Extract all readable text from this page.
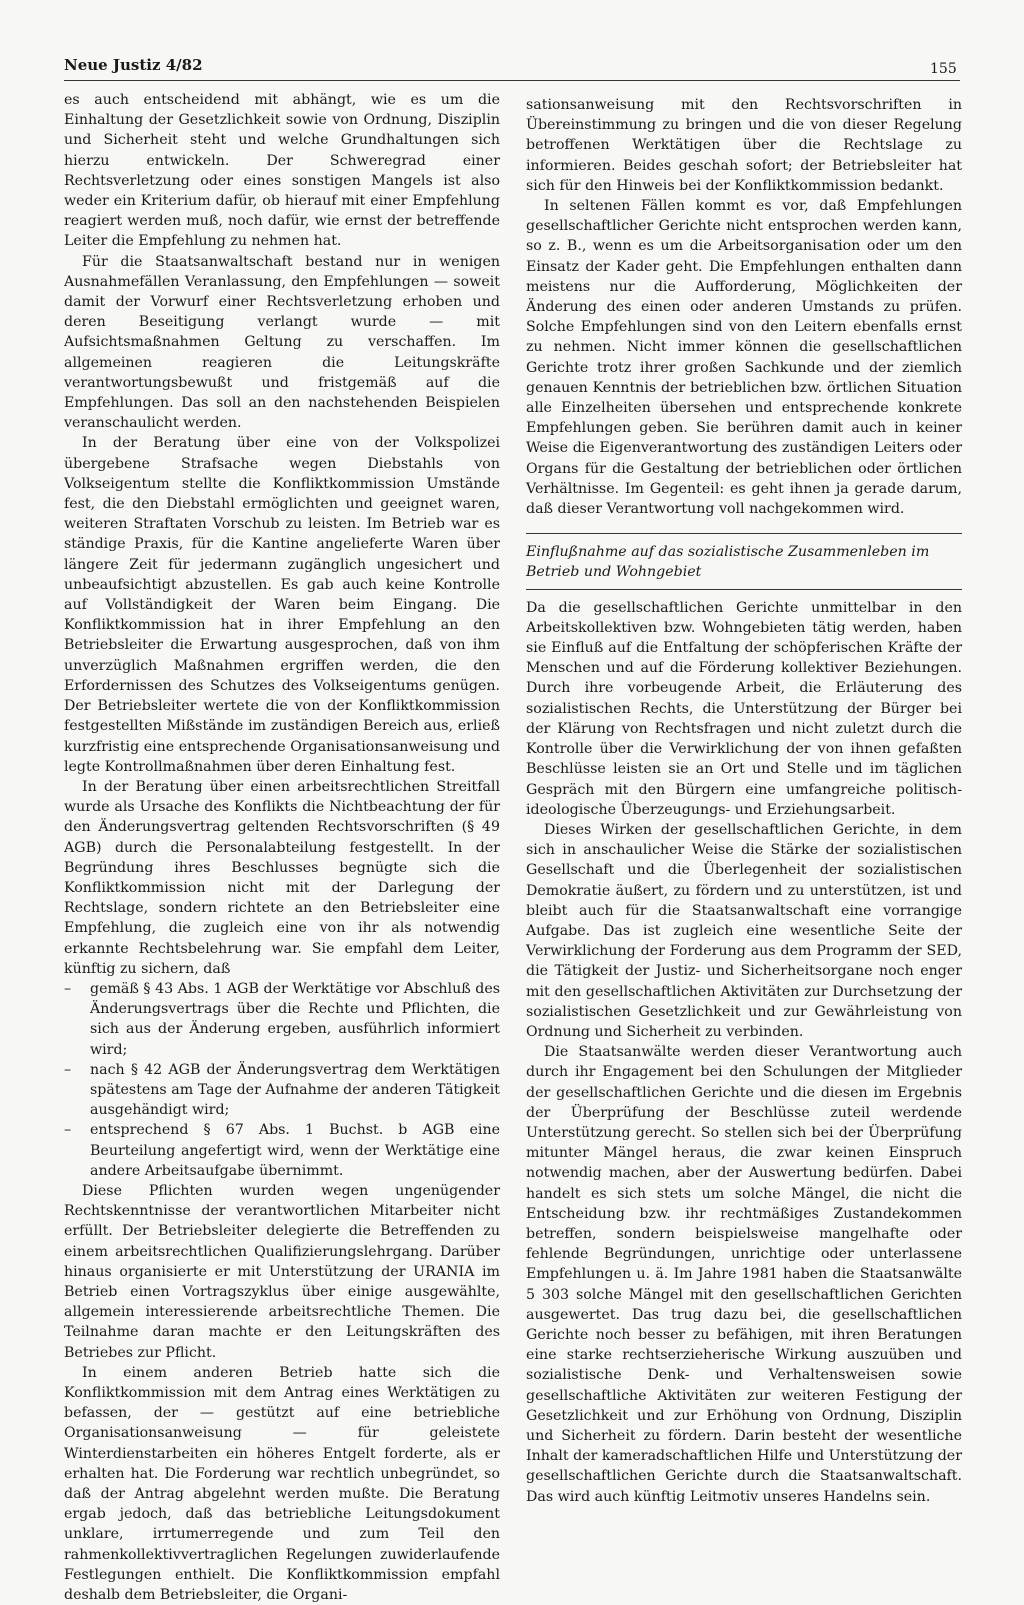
Neue Justiz 4/82	155

es auch entscheidend mit abhängt, wie es um die Einhaltung der Gesetzlichkeit sowie von Ordnung, Disziplin und Sicherheit steht und welche Grundhaltungen sich hierzu entwickeln. Der Schweregrad einer Rechtsverletzung oder eines sonstigen Mangels ist also weder ein Kriterium dafür, ob hierauf mit einer Empfehlung reagiert werden muß, noch dafür, wie ernst der betreffende Leiter die Empfehlung zu nehmen hat.

Für die Staatsanwaltschaft bestand nur in wenigen Ausnahmefällen Veranlassung, den Empfehlungen — soweit damit der Vorwurf einer Rechtsverletzung erhoben und deren Beseitigung verlangt wurde — mit Aufsichtsmaßnahmen Geltung zu verschaffen. Im allgemeinen reagieren die Leitungskräfte verantwortungsbewußt und fristgemäß auf die Empfehlungen. Das soll an den nachstehenden Beispielen veranschaulicht werden.

In der Beratung über eine von der Volkspolizei übergebene Strafsache wegen Diebstahls von Volkseigentum stellte die Konfliktkommission Umstände fest, die den Diebstahl ermöglichten und geeignet waren, weiteren Straftaten Vorschub zu leisten. Im Betrieb war es ständige Praxis, für die Kantine angelieferte Waren über längere Zeit für jedermann zugänglich ungesichert und unbeaufsichtigt abzustellen. Es gab auch keine Kontrolle auf Vollständigkeit der Waren beim Eingang. Die Konfliktkommission hat in ihrer Empfehlung an den Betriebsleiter die Erwartung ausgesprochen, daß von ihm unverzüglich Maßnahmen ergriffen werden, die den Erfordernissen des Schutzes des Volkseigentums genügen. Der Betriebsleiter wertete die von der Konfliktkommission festgestellten Mißstände im zuständigen Bereich aus, erließ kurzfristig eine entsprechende Organisationsanweisung und legte Kontrollmaßnahmen über deren Einhaltung fest.

In der Beratung über einen arbeitsrechtlichen Streitfall wurde als Ursache des Konflikts die Nichtbeachtung der für den Änderungsvertrag geltenden Rechtsvorschriften (§ 49 AGB) durch die Personalabteilung festgestellt. In der Begründung ihres Beschlusses begnügte sich die Konfliktkommission nicht mit der Darlegung der Rechtslage, sondern richtete an den Betriebsleiter eine Empfehlung, die zugleich eine von ihr als notwendig erkannte Rechtsbelehrung war. Sie empfahl dem Leiter, künftig zu sichern, daß

–	gemäß § 43 Abs. 1 AGB der Werktätige vor Abschluß des Änderungsvertrags über die Rechte und Pflichten, die sich aus der Änderung ergeben, ausführlich informiert wird;
–	nach § 42 AGB der Änderungsvertrag dem Werktätigen spätestens am Tage der Aufnahme der anderen Tätigkeit ausgehändigt wird;
–	entsprechend § 67 Abs. 1 Buchst. b AGB eine Beurteilung angefertigt wird, wenn der Werktätige eine andere Arbeitsaufgabe übernimmt.

Diese Pflichten wurden wegen ungenügender Rechtskenntnisse der verantwortlichen Mitarbeiter nicht erfüllt. Der Betriebsleiter delegierte die Betreffenden zu einem arbeitsrechtlichen Qualifizierungslehrgang. Darüber hinaus organisierte er mit Unterstützung der URANIA im Betrieb einen Vortragszyklus über einige ausgewählte, allgemein interessierende arbeitsrechtliche Themen. Die Teilnahme daran machte er den Leitungskräften des Betriebes zur Pflicht.

In einem anderen Betrieb hatte sich die Konfliktkommission mit dem Antrag eines Werktätigen zu befassen, der — gestützt auf eine betriebliche Organisationsanweisung — für geleistete Winterdienstarbeiten ein höheres Entgelt forderte, als er erhalten hat. Die Forderung war rechtlich unbegründet, so daß der Antrag abgelehnt werden mußte. Die Beratung ergab jedoch, daß das betriebliche Leitungsdokument unklare, irrtumerregende und zum Teil den rahmenkollektivvertraglichen Regelungen zuwiderlaufende Festlegungen enthielt. Die Konfliktkommission empfahl deshalb dem Betriebsleiter, die Organi-

sationsanweisung mit den Rechtsvorschriften in Übereinstimmung zu bringen und die von dieser Regelung betroffenen Werktätigen über die Rechtslage zu informieren. Beides geschah sofort; der Betriebsleiter hat sich für den Hinweis bei der Konfliktkommission bedankt.

In seltenen Fällen kommt es vor, daß Empfehlungen gesellschaftlicher Gerichte nicht entsprochen werden kann, so z. B., wenn es um die Arbeitsorganisation oder um den Einsatz der Kader geht. Die Empfehlungen enthalten dann meistens nur die Aufforderung, Möglichkeiten der Änderung des einen oder anderen Umstands zu prüfen. Solche Empfehlungen sind von den Leitern ebenfalls ernst zu nehmen. Nicht immer können die gesellschaftlichen Gerichte trotz ihrer großen Sachkunde und der ziemlich genauen Kenntnis der betrieblichen bzw. örtlichen Situation alle Einzelheiten übersehen und entsprechende konkrete Empfehlungen geben. Sie berühren damit auch in keiner Weise die Eigenverantwortung des zuständigen Leiters oder Organs für die Gestaltung der betrieblichen oder örtlichen Verhältnisse. Im Gegenteil: es geht ihnen ja gerade darum, daß dieser Verantwortung voll nachgekommen wird.

Einflußnahme auf das sozialistische Zusammenleben im Betrieb und Wohngebiet

Da die gesellschaftlichen Gerichte unmittelbar in den Arbeitskollektiven bzw. Wohngebieten tätig werden, haben sie Einfluß auf die Entfaltung der schöpferischen Kräfte der Menschen und auf die Förderung kollektiver Beziehungen. Durch ihre vorbeugende Arbeit, die Erläuterung des sozialistischen Rechts, die Unterstützung der Bürger bei der Klärung von Rechtsfragen und nicht zuletzt durch die Kontrolle über die Verwirklichung der von ihnen gefaßten Beschlüsse leisten sie an Ort und Stelle und im täglichen Gespräch mit den Bürgern eine umfangreiche politisch-ideologische Überzeugungs- und Erziehungsarbeit.

Dieses Wirken der gesellschaftlichen Gerichte, in dem sich in anschaulicher Weise die Stärke der sozialistischen Gesellschaft und die Überlegenheit der sozialistischen Demokratie äußert, zu fördern und zu unterstützen, ist und bleibt auch für die Staatsanwaltschaft eine vorrangige Aufgabe. Das ist zugleich eine wesentliche Seite der Verwirklichung der Forderung aus dem Programm der SED, die Tätigkeit der Justiz- und Sicherheitsorgane noch enger mit den gesellschaftlichen Aktivitäten zur Durchsetzung der sozialistischen Gesetzlichkeit und zur Gewährleistung von Ordnung und Sicherheit zu verbinden.

Die Staatsanwälte werden dieser Verantwortung auch durch ihr Engagement bei den Schulungen der Mitglieder der gesellschaftlichen Gerichte und die diesen im Ergebnis der Überprüfung der Beschlüsse zuteil werdende Unterstützung gerecht. So stellen sich bei der Überprüfung mitunter Mängel heraus, die zwar keinen Einspruch notwendig machen, aber der Auswertung bedürfen. Dabei handelt es sich stets um solche Mängel, die nicht die Entscheidung bzw. ihr rechtmäßiges Zustandekommen betreffen, sondern beispielsweise mangelhafte oder fehlende Begründungen, unrichtige oder unterlassene Empfehlungen u. ä. Im Jahre 1981 haben die Staatsanwälte 5 303 solche Mängel mit den gesellschaftlichen Gerichten ausgewertet. Das trug dazu bei, die gesellschaftlichen Gerichte noch besser zu befähigen, mit ihren Beratungen eine starke rechtserzieherische Wirkung auszuüben und sozialistische Denk- und Verhaltensweisen sowie gesellschaftliche Aktivitäten zur weiteren Festigung der Gesetzlichkeit und zur Erhöhung von Ordnung, Disziplin und Sicherheit zu fördern. Darin besteht der wesentliche Inhalt der kameradschaftlichen Hilfe und Unterstützung der gesellschaftlichen Gerichte durch die Staatsanwaltschaft. Das wird auch künftig Leitmotiv unseres Handelns sein.
